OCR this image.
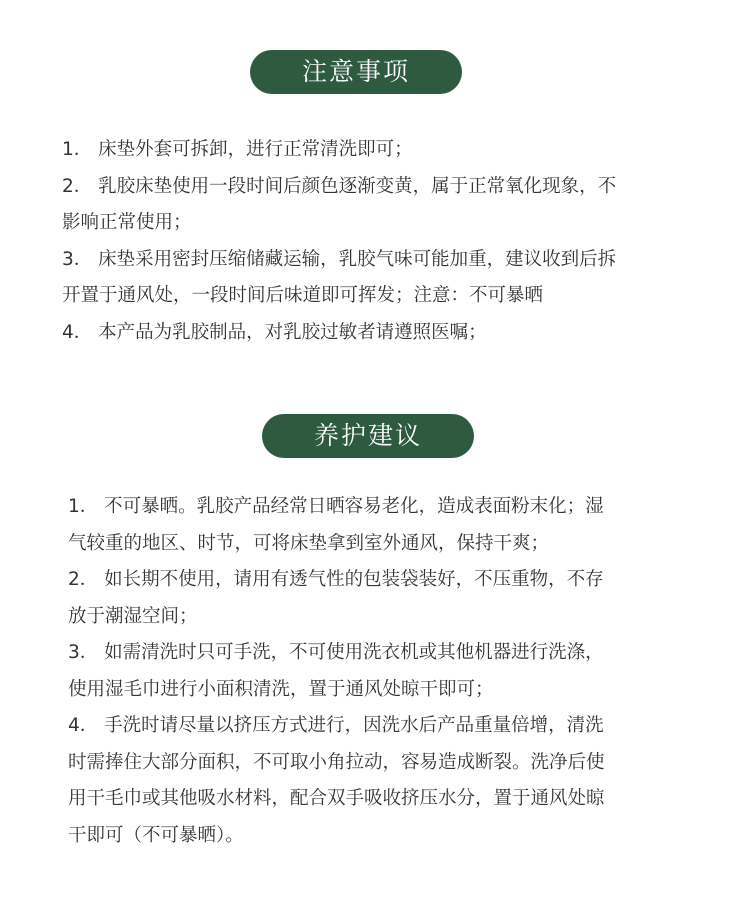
注意事项
1． 床垫外套可拆卸，进行正常清洗即可；
2． 乳胶床垫使用一段时间后颜色逐渐变黄，属于正常氧化现象，不
影响正常使用；
3． 床垫采用密封压缩储藏运输，乳胶气味可能加重，建议收到后拆
开置于通风处，一段时间后味道即可挥发；注意：不可暴晒
4． 本产品为乳胶制品，对乳胶过敏者请遵照医嘱；
养护建议
1． 不可暴晒。乳胶产品经常日晒容易老化，造成表面粉末化；湿
气较重的地区、时节，可将床垫拿到室外通风，保持干爽；
2． 如长期不使用，请用有透气性的包装袋装好，不压重物，不存
放于潮湿空间；
3． 如需清洗时只可手洗，不可使用洗衣机或其他机器进行洗涤，
使用湿毛巾进行小面积清洗，置于通风处晾干即可；
4． 手洗时请尽量以挤压方式进行，因洗水后产品重量倍增，清洗
时需捧住大部分面积，不可取小角拉动，容易造成断裂。洗净后使
用干毛巾或其他吸水材料，配合双手吸收挤压水分，置于通风处晾
干即可（不可暴晒）。
